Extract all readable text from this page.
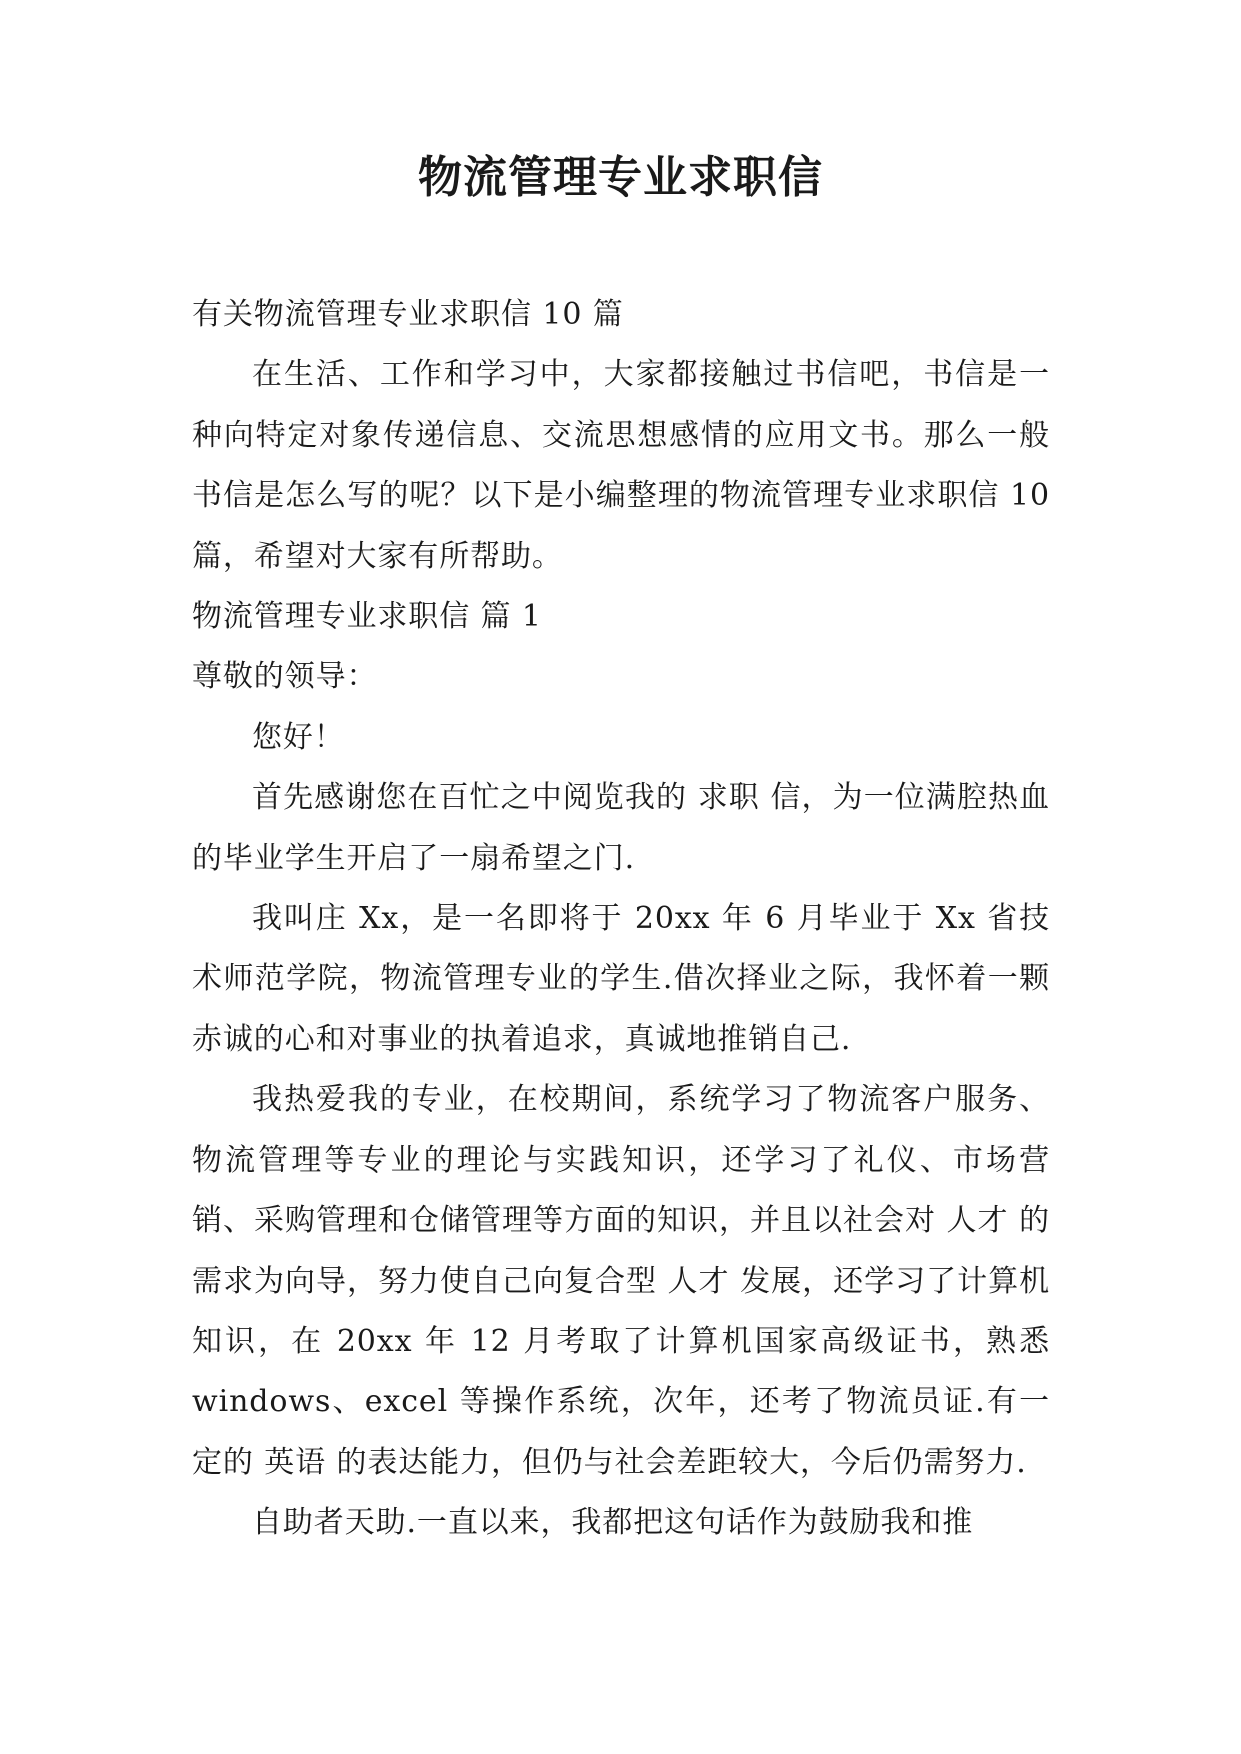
物流管理专业求职信

有关物流管理专业求职信 10 篇

在生活、工作和学习中，大家都接触过书信吧，书信是一种向特定对象传递信息、交流思想感情的应用文书。那么一般书信是怎么写的呢？以下是小编整理的物流管理专业求职信 10 篇，希望对大家有所帮助。

物流管理专业求职信 篇 1

尊敬的领导：

您好！

首先感谢您在百忙之中阅览我的 求职 信，为一位满腔热血的毕业学生开启了一扇希望之门.

我叫庄 Xx，是一名即将于 20xx 年 6 月毕业于 Xx 省技术师范学院，物流管理专业的学生.借次择业之际，我怀着一颗赤诚的心和对事业的执着追求，真诚地推销自己.

我热爱我的专业，在校期间，系统学习了物流客户服务、物流管理等专业的理论与实践知识，还学习了礼仪、市场营销、采购管理和仓储管理等方面的知识，并且以社会对 人才 的需求为向导，努力使自己向复合型 人才 发展，还学习了计算机知识，在 20xx 年 12 月考取了计算机国家高级证书，熟悉 windows、excel 等操作系统，次年，还考了物流员证.有一定的 英语 的表达能力，但仍与社会差距较大，今后仍需努力.

自助者天助.一直以来，我都把这句话作为鼓励我和推
